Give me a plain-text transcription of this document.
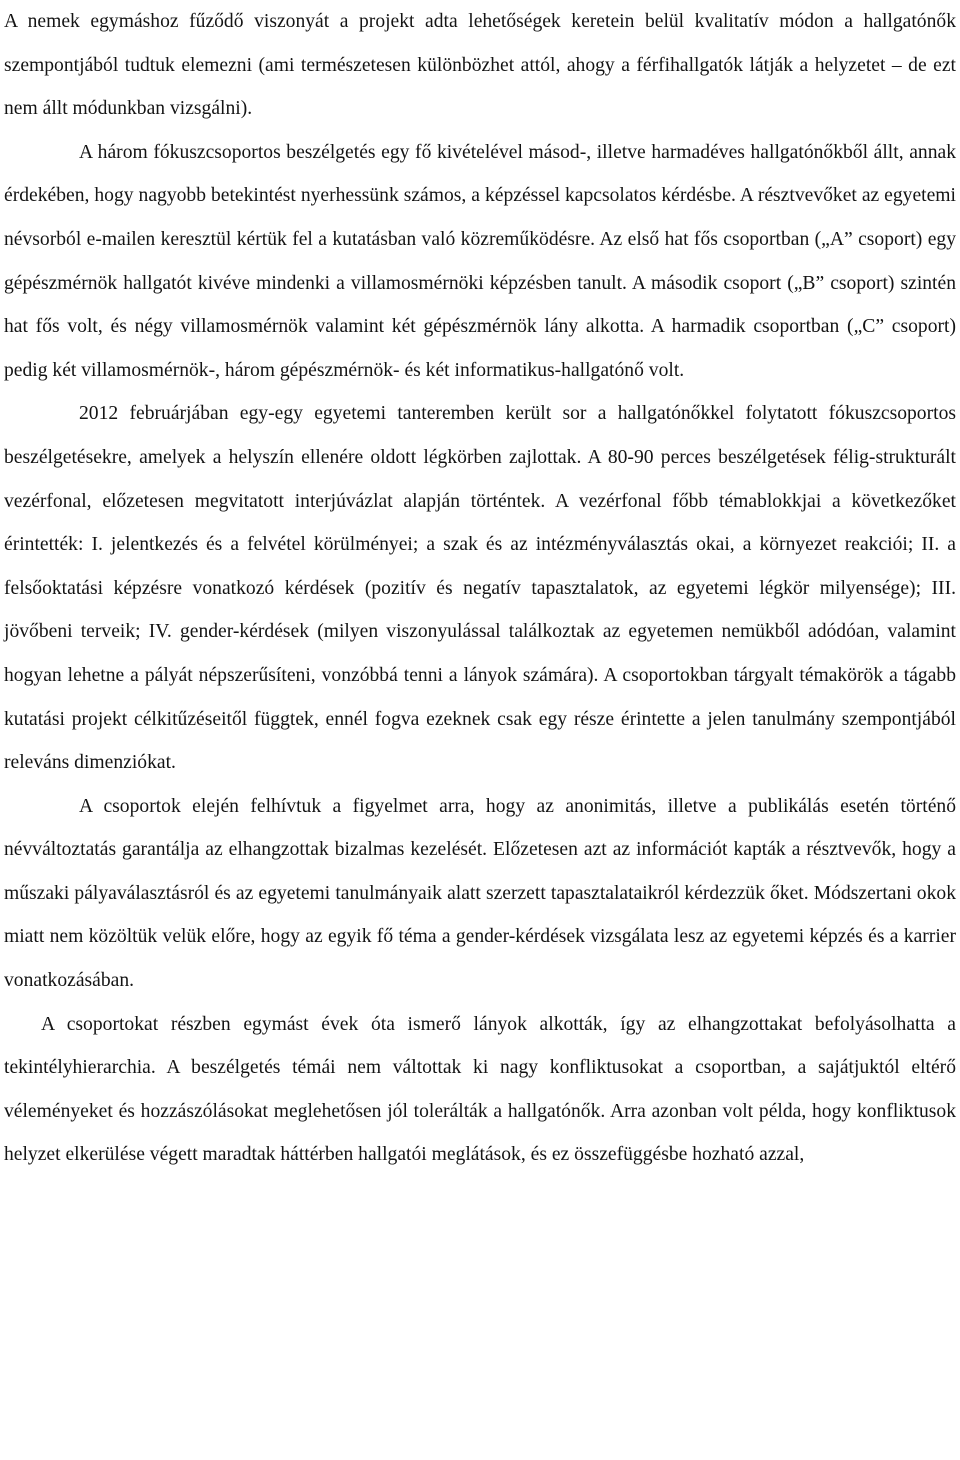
A nemek egymáshoz fűződő viszonyát a projekt adta lehetőségek keretein belül kvalitatív módon a hallgatónők szempontjából tudtuk elemezni (ami természetesen különbözhet attól, ahogy a férfihallgatók látják a helyzetet – de ezt nem állt módunkban vizsgálni).

A három fókuszcsoportos beszélgetés egy fő kivételével másod-, illetve harmadéves hallgatónőkből állt, annak érdekében, hogy nagyobb betekintést nyerhessünk számos, a képzéssel kapcsolatos kérdésbe. A résztvevőket az egyetemi névsorból e-mailen keresztül kértük fel a kutatásban való közreműködésre. Az első hat fős csoportban („A” csoport) egy gépészmérnök hallgatót kivéve mindenki a villamosmérnöki képzésben tanult. A második csoport („B” csoport) szintén hat fős volt, és négy villamosmérnök valamint két gépészmérnök lány alkotta. A harmadik csoportban („C” csoport) pedig két villamosmérnök-, három gépészmérnök- és két informatikus-hallgatónő volt.

2012 februárjában egy-egy egyetemi tanteremben került sor a hallgatónőkkel folytatott fókuszcsoportos beszélgetésekre, amelyek a helyszín ellenére oldott légkörben zajlottak. A 80-90 perces beszélgetések félig-strukturált vezérfonal, előzetesen megvitatott interjúvázlat alapján történtek. A vezérfonal főbb témablokkjai a következőket érintették: I. jelentkezés és a felvétel körülményei; a szak és az intézményválasztás okai, a környezet reakciói; II. a felsőoktatási képzésre vonatkozó kérdések (pozitív és negatív tapasztalatok, az egyetemi légkör milyensége); III. jövőbeni terveik; IV. gender-kérdések (milyen viszonyulással találkoztak az egyetemen nemükből adódóan, valamint hogyan lehetne a pályát népszerűsíteni, vonzóbbá tenni a lányok számára). A csoportokban tárgyalt témakörök a tágabb kutatási projekt célkitűzéseitől függtek, ennél fogva ezeknek csak egy része érintette a jelen tanulmány szempontjából releváns dimenziókat.

A csoportok elején felhívtuk a figyelmet arra, hogy az anonimitás, illetve a publikálás esetén történő névváltoztatás garantálja az elhangzottak bizalmas kezelését. Előzetesen azt az információt kapták a résztvevők, hogy a műszaki pályaválasztásról és az egyetemi tanulmányaik alatt szerzett tapasztalataikról kérdezzük őket. Módszertani okok miatt nem közöltük velük előre, hogy az egyik fő téma a gender-kérdések vizsgálata lesz az egyetemi képzés és a karrier vonatkozásában.

A csoportokat részben egymást évek óta ismerő lányok alkották, így az elhangzottakat befolyásolhatta a tekintélyhierarchia. A beszélgetés témái nem váltottak ki nagy konfliktusokat a csoportban, a sajátjuktól eltérő véleményeket és hozzászólásokat meglehetősen jól tolerálták a hallgatónők. Arra azonban volt példa, hogy konfliktusok helyzet elkerülése végett maradtak háttérben hallgatói meglátások, és ez összefüggésbe hozható azzal,
